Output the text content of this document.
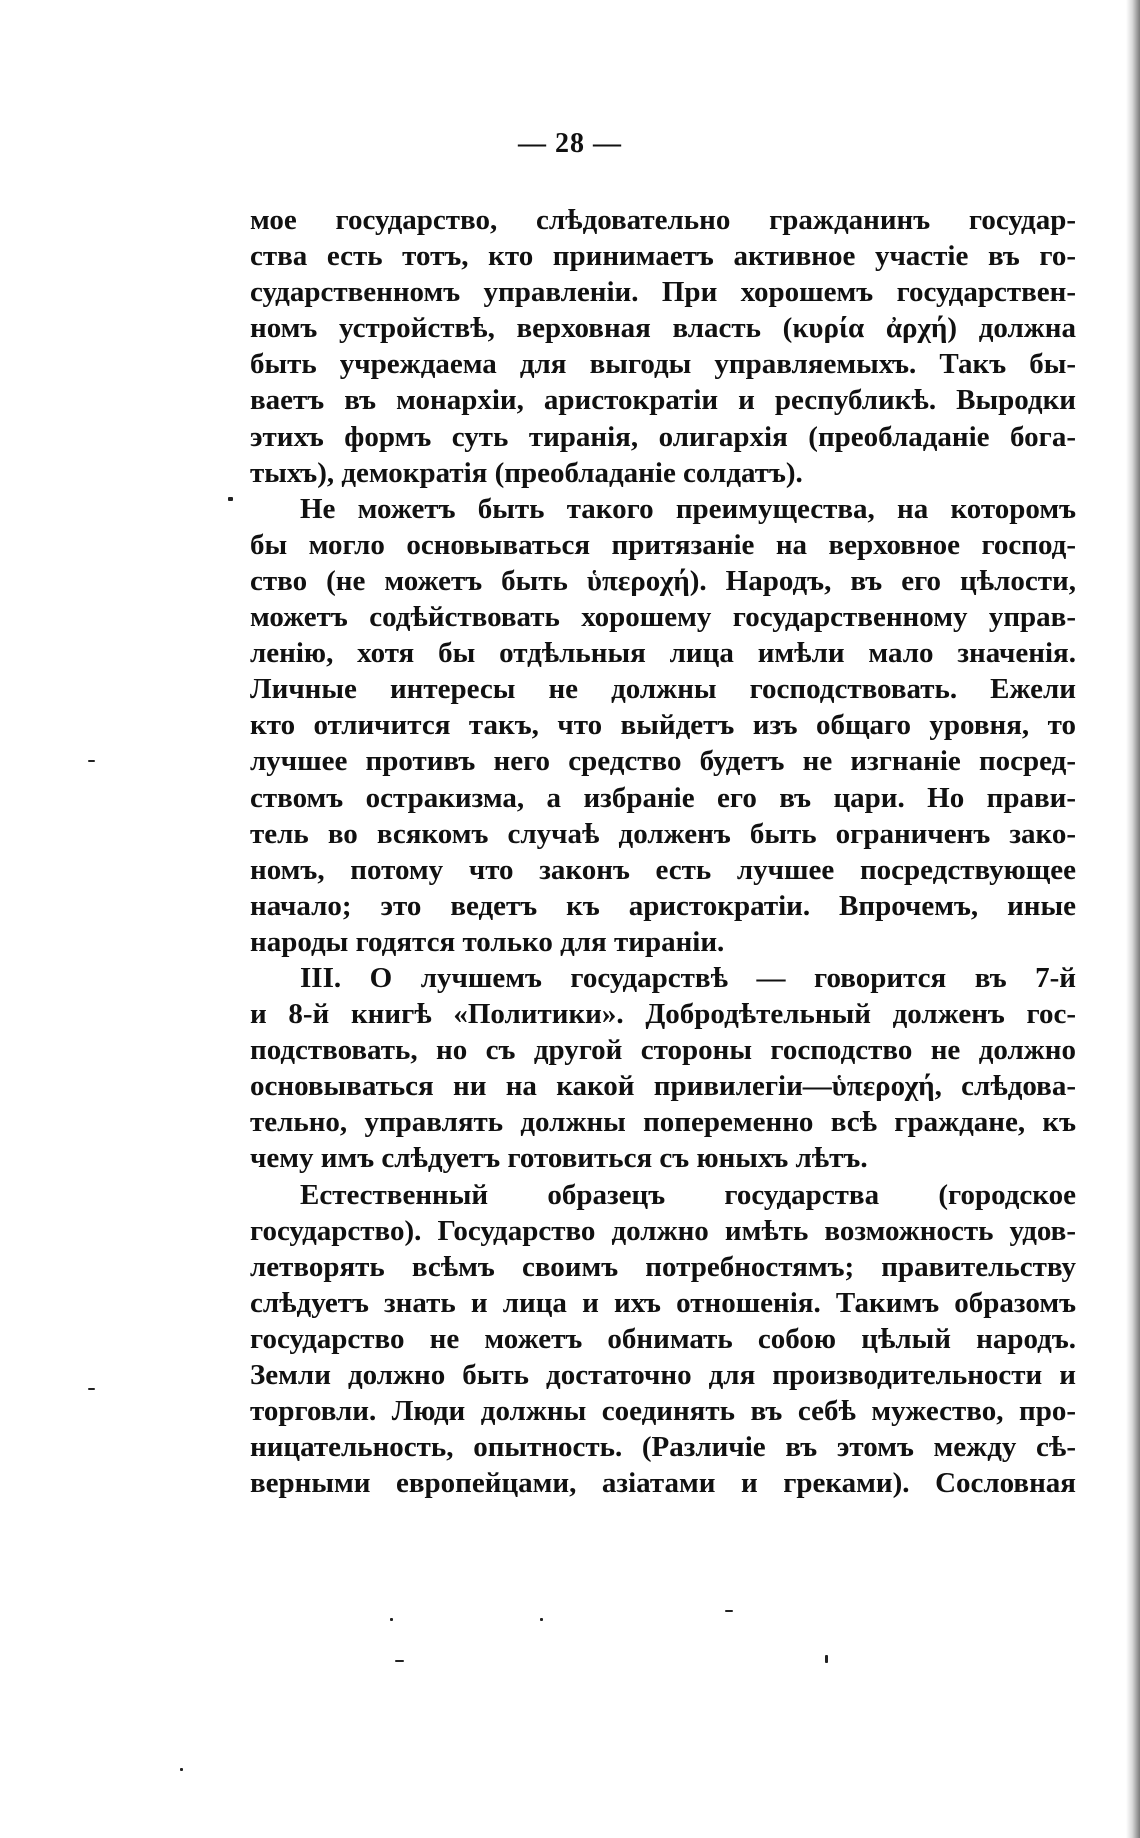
— 28 —
мое государство, слѣдовательно гражданинъ государ-
ства есть тотъ, кто принимаетъ активное участіе въ го-
сударственномъ управленіи. При хорошемъ государствен-
номъ устройствѣ, верховная власть (κυρία ἀρχή) должна
быть учреждаема для выгоды управляемыхъ. Такъ бы-
ваетъ въ монархіи, аристократіи и республикѣ. Выродки
этихъ формъ суть тиранія, олигархія (преобладаніе бога-
тыхъ), демократія (преобладаніе солдатъ).
Не можетъ быть такого преимущества, на которомъ
бы могло основываться притязаніе на верховное господ-
ство (не можетъ быть ὑπεροχή). Народъ, въ его цѣлости,
можетъ содѣйствовать хорошему государственному управ-
ленію, хотя бы отдѣльныя лица имѣли мало значенія.
Личные интересы не должны господствовать. Ежели
кто отличится такъ, что выйдетъ изъ общаго уровня, то
лучшее противъ него средство будетъ не изгнаніе посред-
ствомъ остракизма, а избраніе его въ цари. Но прави-
тель во всякомъ случаѣ долженъ быть ограниченъ зако-
номъ, потому что законъ есть лучшее посредствующее
начало; это ведетъ къ аристократіи. Впрочемъ, иные
народы годятся только для тираніи.
III. О лучшемъ государствѣ — говорится въ 7-й
и 8-й книгѣ «Политики». Добродѣтельный долженъ гос-
подствовать, но съ другой стороны господство не должно
основываться ни на какой привилегіи—ὑπεροχή, слѣдова-
тельно, управлять должны попеременно всѣ граждане, къ
чему имъ слѣдуетъ готовиться съ юныхъ лѣтъ.
Естественный образецъ государства (городское
государство). Государство должно имѣть возможность удов-
летворять всѣмъ своимъ потребностямъ; правительству
слѣдуетъ знать и лица и ихъ отношенія. Такимъ образомъ
государство не можетъ обнимать собою цѣлый народъ.
Земли должно быть достаточно для производительности и
торговли. Люди должны соединять въ себѣ мужество, про-
ницательность, опытность. (Различіе въ этомъ между сѣ-
верными европейцами, азіатами и греками). Сословная
